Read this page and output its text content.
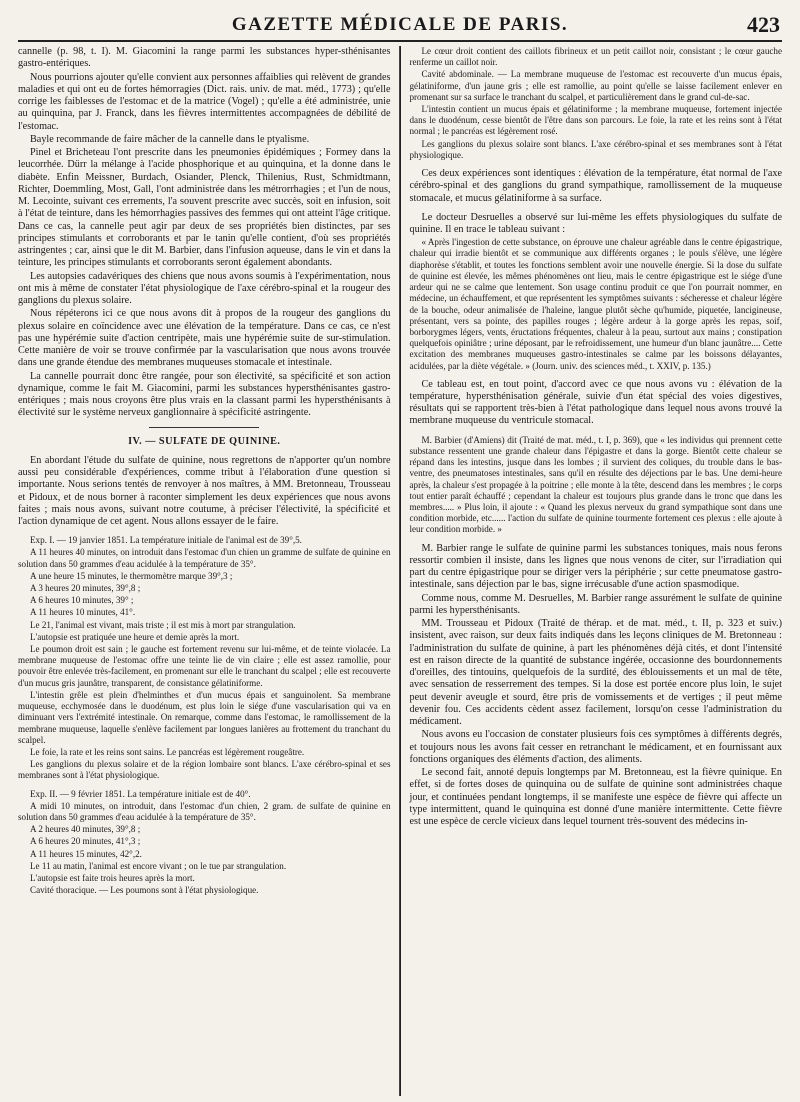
GAZETTE MÉDICALE DE PARIS.	423

cannelle (p. 98, t. I). M. Giacomini la range parmi les substances hyper-sthénisantes gastro-entériques.

Nous pourrions ajouter qu'elle convient aux personnes affaiblies qui relèvent de grandes maladies et qui ont eu de fortes hémorragies (Dict. rais. univ. de mat. méd., 1773) ; qu'elle corrige les faiblesses de l'estomac et de la matrice (Vogel) ; qu'elle a été administrée, unie au quinquina, par J. Franck, dans les fièvres intermittentes accompagnées de débilité de l'estomac.

Bayle recommande de faire mâcher de la cannelle dans le ptyalisme.

Pinel et Bricheteau l'ont prescrite dans les pneumonies épidémiques ; Formey dans la leucorrhée. Dürr la mélange à l'acide phosphorique et au quinquina, et la donne dans le diabète. Enfin Meissner, Burdach, Osiander, Plenck, Thilenius, Rust, Schmidtmann, Richter, Doemmling, Most, Gall, l'ont administrée dans les métrorrhagies ; et l'un de nous, M. Lecointe, suivant ces errements, l'a souvent prescrite avec succès, soit en infusion, soit à l'état de teinture, dans les hémorrhagies passives des femmes qui ont atteint l'âge critique. Dans ce cas, la cannelle peut agir par deux de ses propriétés bien distinctes, par ses principes stimulants et corroborants et par le tanin qu'elle contient, d'où ses propriétés astringentes ; car, ainsi que le dit M. Barbier, dans l'infusion aqueuse, dans le vin et dans la teinture, les principes stimulants et corroborants seront également abondants.

Les autopsies cadavériques des chiens que nous avons soumis à l'expérimentation, nous ont mis à même de constater l'état physiologique de l'axe cérébro-spinal et la rougeur des ganglions du plexus solaire.

Nous répéterons ici ce que nous avons dit à propos de la rougeur des ganglions du plexus solaire en coïncidence avec une élévation de la température. Dans ce cas, ce n'est pas une hypérémie suite d'action centripète, mais une hypérémie suite de sur-stimulation. Cette manière de voir se trouve confirmée par la vascularisation que nous avons trouvée dans une grande étendue des membranes muqueuses stomacale et intestinale.

La cannelle pourrait donc être rangée, pour son électivité, sa spécificité et son action dynamique, comme le fait M. Giacomini, parmi les substances hypersthénisantes gastro-entériques ; mais nous croyons être plus vrais en la classant parmi les hypersthénisants à électivité sur le système nerveux ganglionnaire à spécificité astringente.

IV. — SULFATE DE QUININE.

En abordant l'étude du sulfate de quinine, nous regrettons de n'apporter qu'un nombre aussi peu considérable d'expériences, comme tribut à l'élaboration d'une question si importante. Nous serions tentés de renvoyer à nos maîtres, à MM. Bretonneau, Trousseau et Pidoux, et de nous borner à raconter simplement les deux expériences que nous avons faites ; mais nous avons, suivant notre coutume, à préciser l'électivité, la spécificité et l'action dynamique de cet agent. Nous allons essayer de le faire.

Exp. I. — 19 janvier 1851. La température initiale de l'animal est de 39°,5.

A 11 heures 40 minutes, on introduit dans l'estomac d'un chien un gramme de sulfate de quinine en solution dans 50 grammes d'eau acidulée à la température de 35°.

A une heure 15 minutes, le thermomètre marque 39°,3 ;

A 3 heures 20 minutes, 39°,8 ;

A 6 heures 10 minutes, 39° ;

A 11 heures 10 minutes, 41°.

Le 21, l'animal est vivant, mais triste ; il est mis à mort par strangulation.

L'autopsie est pratiquée une heure et demie après la mort.

Le poumon droit est sain ; le gauche est fortement revenu sur lui-même, et de teinte violacée. La membrane muqueuse de l'estomac offre une teinte lie de vin claire ; elle est assez ramollie, pour pouvoir être enlevée très-facilement, en promenant sur elle le tranchant du scalpel ; elle est recouverte d'un mucus gris jaunâtre, transparent, de consistance gélatiniforme.

L'intestin grêle est plein d'helminthes et d'un mucus épais et sanguinolent. Sa membrane muqueuse, ecchymosée dans le duodénum, est plus loin le siége d'une vascularisation qui va en diminuant vers l'extrémité intestinale. On remarque, comme dans l'estomac, le ramollissement de la membrane muqueuse, laquelle s'enlève facilement par longues lanières au frottement du tranchant du scalpel.

Le foie, la rate et les reins sont sains. Le pancréas est légèrement rougeâtre.

Les ganglions du plexus solaire et de la région lombaire sont blancs. L'axe cérébro-spinal et ses membranes sont à l'état physiologique.

Exp. II. — 9 février 1851. La température initiale est de 40°.

A midi 10 minutes, on introduit, dans l'estomac d'un chien, 2 gram. de sulfate de quinine en solution dans 50 grammes d'eau acidulée à la température de 35°.

A 2 heures 40 minutes, 39°,8 ;

A 6 heures 20 minutes, 41°,3 ;

A 11 heures 15 minutes, 42°,2.

Le 11 au matin, l'animal est encore vivant ; on le tue par strangulation.

L'autopsie est faite trois heures après la mort.

Cavité thoracique. — Les poumons sont à l'état physiologique.

Le cœur droit contient des caillots fibrineux et un petit caillot noir, consistant ; le cœur gauche renferme un caillot noir.

Cavité abdominale. — La membrane muqueuse de l'estomac est recouverte d'un mucus épais, gélatiniforme, d'un jaune gris ; elle est ramollie, au point qu'elle se laisse facilement enlever en promenant sur sa surface le tranchant du scalpel, et particulièrement dans le grand cul-de-sac.

L'intestin contient un mucus épais et gélatiniforme ; la membrane muqueuse, fortement injectée dans le duodénum, cesse bientôt de l'être dans son parcours. Le foie, la rate et les reins sont à l'état normal ; le pancréas est légèrement rosé.

Les ganglions du plexus solaire sont blancs. L'axe cérébro-spinal et ses membranes sont à l'état physiologique.

Ces deux expériences sont identiques : élévation de la température, état normal de l'axe cérébro-spinal et des ganglions du grand sympathique, ramollissement de la muqueuse stomacale, et mucus gélatiniforme à sa surface.

Le docteur Desruelles a observé sur lui-même les effets physiologiques du sulfate de quinine. Il en trace le tableau suivant :

« Après l'ingestion de cette substance, on éprouve une chaleur agréable dans le centre épigastrique, chaleur qui irradie bientôt et se communique aux différents organes ; le pouls s'élève, une légère diaphorèse s'établit, et toutes les fonctions semblent avoir une nouvelle énergie. Si la dose du sulfate de quinine est élevée, les mêmes phénomènes ont lieu, mais le centre épigastrique est le siége d'une ardeur qui ne se calme que lentement. Son usage continu produit ce que l'on pourrait nommer, en médecine, un échauffement, et que représentent les symptômes suivants : sécheresse et chaleur légère de la bouche, odeur animalisée de l'haleine, langue plutôt sèche qu'humide, piquetée, lancigineuse, présentant, vers sa pointe, des papilles rouges ; légère ardeur à la gorge après les repas, soif, borborygmes légers, vents, éructations fréquentes, chaleur à la peau, surtout aux mains ; constipation quelquefois opiniâtre ; urine déposant, par le refroidissement, une humeur d'un blanc jaunâtre.... Cette excitation des membranes muqueuses gastro-intestinales se calme par les boissons délayantes, acidulées, par la diète végétale. » (Journ. univ. des sciences méd., t. XXIV, p. 135.)

Ce tableau est, en tout point, d'accord avec ce que nous avons vu : élévation de la température, hypersthénisation générale, suivie d'un état spécial des voies digestives, résultats qui se rapportent très-bien à l'état pathologique dans lequel nous avons trouvé la membrane muqueuse du ventricule stomacal.

M. Barbier (d'Amiens) dit (Traité de mat. méd., t. I, p. 369), que « les individus qui prennent cette substance ressentent une grande chaleur dans l'épigastre et dans la gorge. Bientôt cette chaleur se répand dans les intestins, jusque dans les lombes ; il survient des coliques, du trouble dans le bas-ventre, des pneumatoses intestinales, sans qu'il en résulte des déjections par le bas. Une demi-heure après, la chaleur s'est propagée à la poitrine ; elle monte à la tête, descend dans les membres ; le corps tout entier paraît échauffé ; cependant la chaleur est toujours plus grande dans le tronc que dans les membres..... » Plus loin, il ajoute : « Quand les plexus nerveux du grand sympathique sont dans une condition morbide, etc...... l'action du sulfate de quinine tourmente fortement ces plexus : elle ajoute à leur condition morbide. »

M. Barbier range le sulfate de quinine parmi les substances toniques, mais nous ferons ressortir combien il insiste, dans les lignes que nous venons de citer, sur l'irradiation qui part du centre épigastrique pour se diriger vers la périphérie ; sur cette pneumatose gastro-intestinale, sans déjection par le bas, signe irrécusable d'une action spasmodique.

Comme nous, comme M. Desruelles, M. Barbier range assurément le sulfate de quinine parmi les hypersthénisants.

MM. Trousseau et Pidoux (Traité de thérap. et de mat. méd., t. II, p. 323 et suiv.) insistent, avec raison, sur deux faits indiqués dans les leçons cliniques de M. Bretonneau : l'administration du sulfate de quinine, à part les phénomènes déjà cités, et dont l'intensité est en raison directe de la quantité de substance ingérée, occasionne des bourdonnements d'oreilles, des tintouins, quelquefois de la surdité, des éblouissements et un mal de tête, avec sensation de resserrement des tempes. Si la dose est portée encore plus loin, le sujet peut devenir aveugle et sourd, être pris de vomissements et de vertiges ; il peut même devenir fou. Ces accidents cèdent assez facilement, lorsqu'on cesse l'administration du médicament.

Nous avons eu l'occasion de constater plusieurs fois ces symptômes à différents degrés, et toujours nous les avons fait cesser en retranchant le médicament, et en fournissant aux fonctions organiques des éléments d'action, des aliments.

Le second fait, annoté depuis longtemps par M. Bretonneau, est la fièvre quinique. En effet, si de fortes doses de quinquina ou de sulfate de quinine sont administrées chaque jour, et continuées pendant longtemps, il se manifeste une espèce de fièvre qui affecte un type intermittent, quand le quinquina est donné d'une manière intermittente. Cette fièvre est une espèce de cercle vicieux dans lequel tournent très-souvent des médecins in-
